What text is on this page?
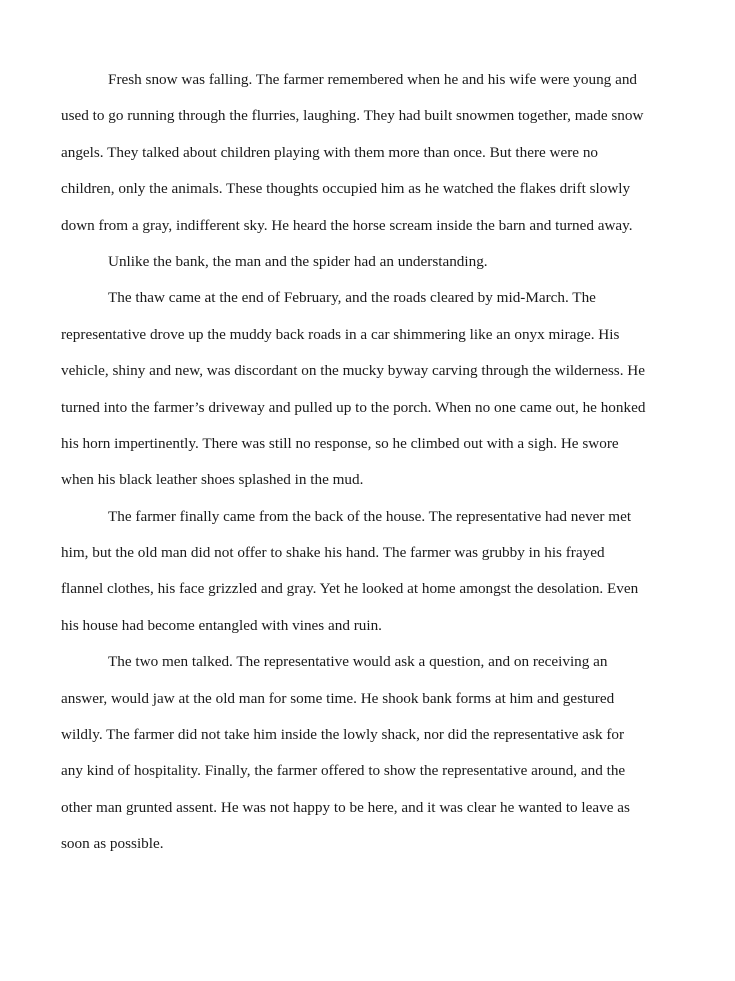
Fresh snow was falling. The farmer remembered when he and his wife were young and
used to go running through the flurries, laughing. They had built snowmen together, made snow
angels. They talked about children playing with them more than once. But there were no
children, only the animals. These thoughts occupied him as he watched the flakes drift slowly
down from a gray, indifferent sky. He heard the horse scream inside the barn and turned away.

Unlike the bank, the man and the spider had an understanding.

The thaw came at the end of February, and the roads cleared by mid-March. The
representative drove up the muddy back roads in a car shimmering like an onyx mirage. His
vehicle, shiny and new, was discordant on the mucky byway carving through the wilderness. He
turned into the farmer’s driveway and pulled up to the porch. When no one came out, he honked
his horn impertinently. There was still no response, so he climbed out with a sigh. He swore
when his black leather shoes splashed in the mud.

The farmer finally came from the back of the house. The representative had never met
him, but the old man did not offer to shake his hand. The farmer was grubby in his frayed
flannel clothes, his face grizzled and gray. Yet he looked at home amongst the desolation. Even
his house had become entangled with vines and ruin.

The two men talked. The representative would ask a question, and on receiving an
answer, would jaw at the old man for some time. He shook bank forms at him and gestured
wildly. The farmer did not take him inside the lowly shack, nor did the representative ask for
any kind of hospitality. Finally, the farmer offered to show the representative around, and the
other man grunted assent. He was not happy to be here, and it was clear he wanted to leave as
soon as possible.
